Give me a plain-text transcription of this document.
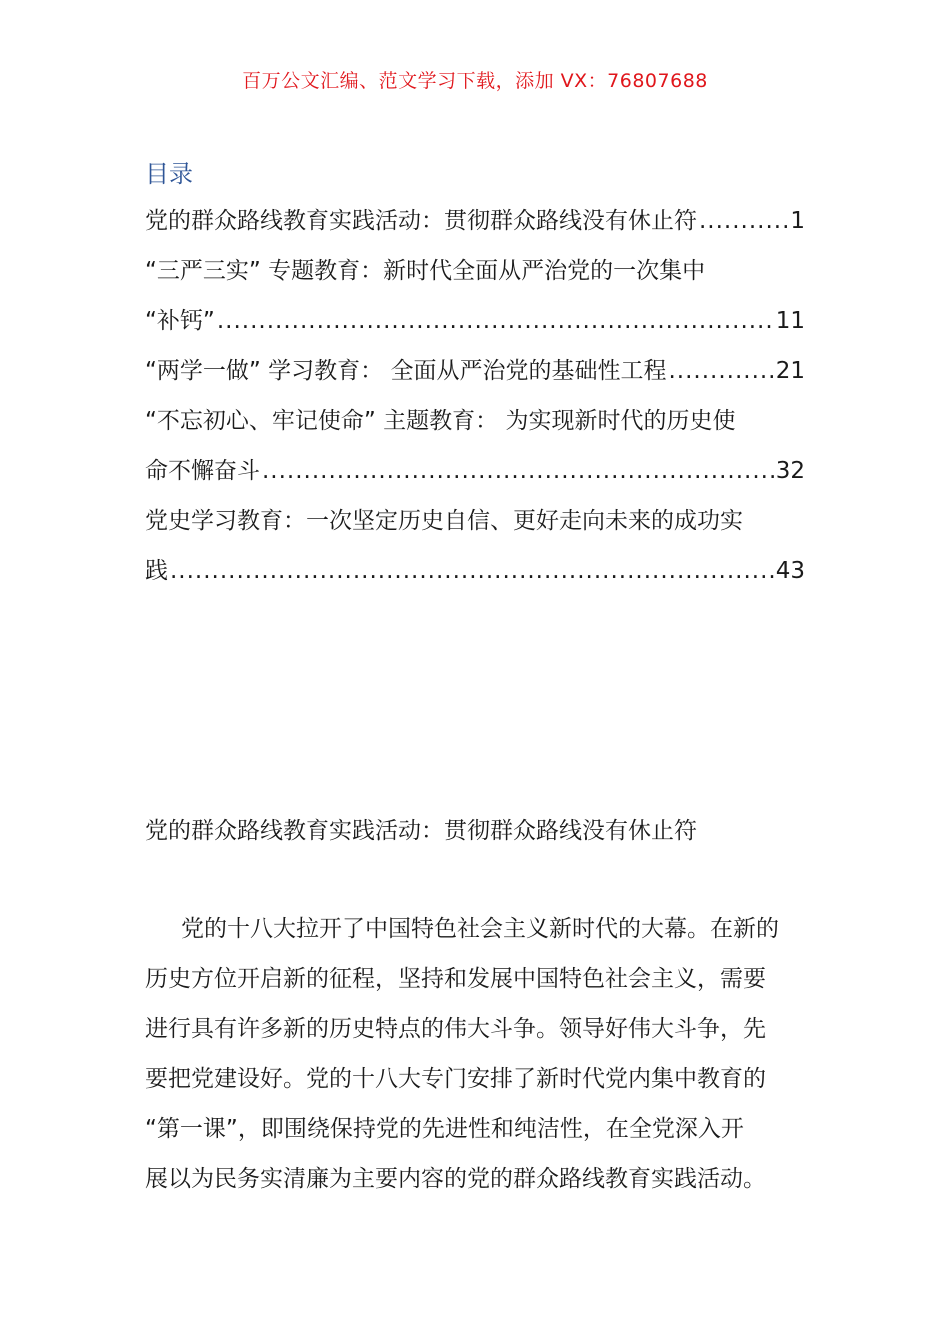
百万公文汇编、范文学习下载，添加 VX：76807688
目录
党的群众路线教育实践活动：贯彻群众路线没有休止符 .....	1
“三严三实” 专题教育：新时代全面从严治党的一次集中
“补钙” .....	11
“两学一做” 学习教育： 全面从严治党的基础性工程 .....	21
“不忘初心、牢记使命” 主题教育： 为实现新时代的历史使
命不懈奋斗 .....	32
党史学习教育：一次坚定历史自信、更好走向未来的成功实
践 .....	43
党的群众路线教育实践活动：贯彻群众路线没有休止符
党的十八大拉开了中国特色社会主义新时代的大幕。在新的
历史方位开启新的征程，坚持和发展中国特色社会主义，需要
进行具有许多新的历史特点的伟大斗争。领导好伟大斗争，先
要把党建设好。党的十八大专门安排了新时代党内集中教育的
“第一课”，即围绕保持党的先进性和纯洁性，在全党深入开
展以为民务实清廉为主要内容的党的群众路线教育实践活动。
